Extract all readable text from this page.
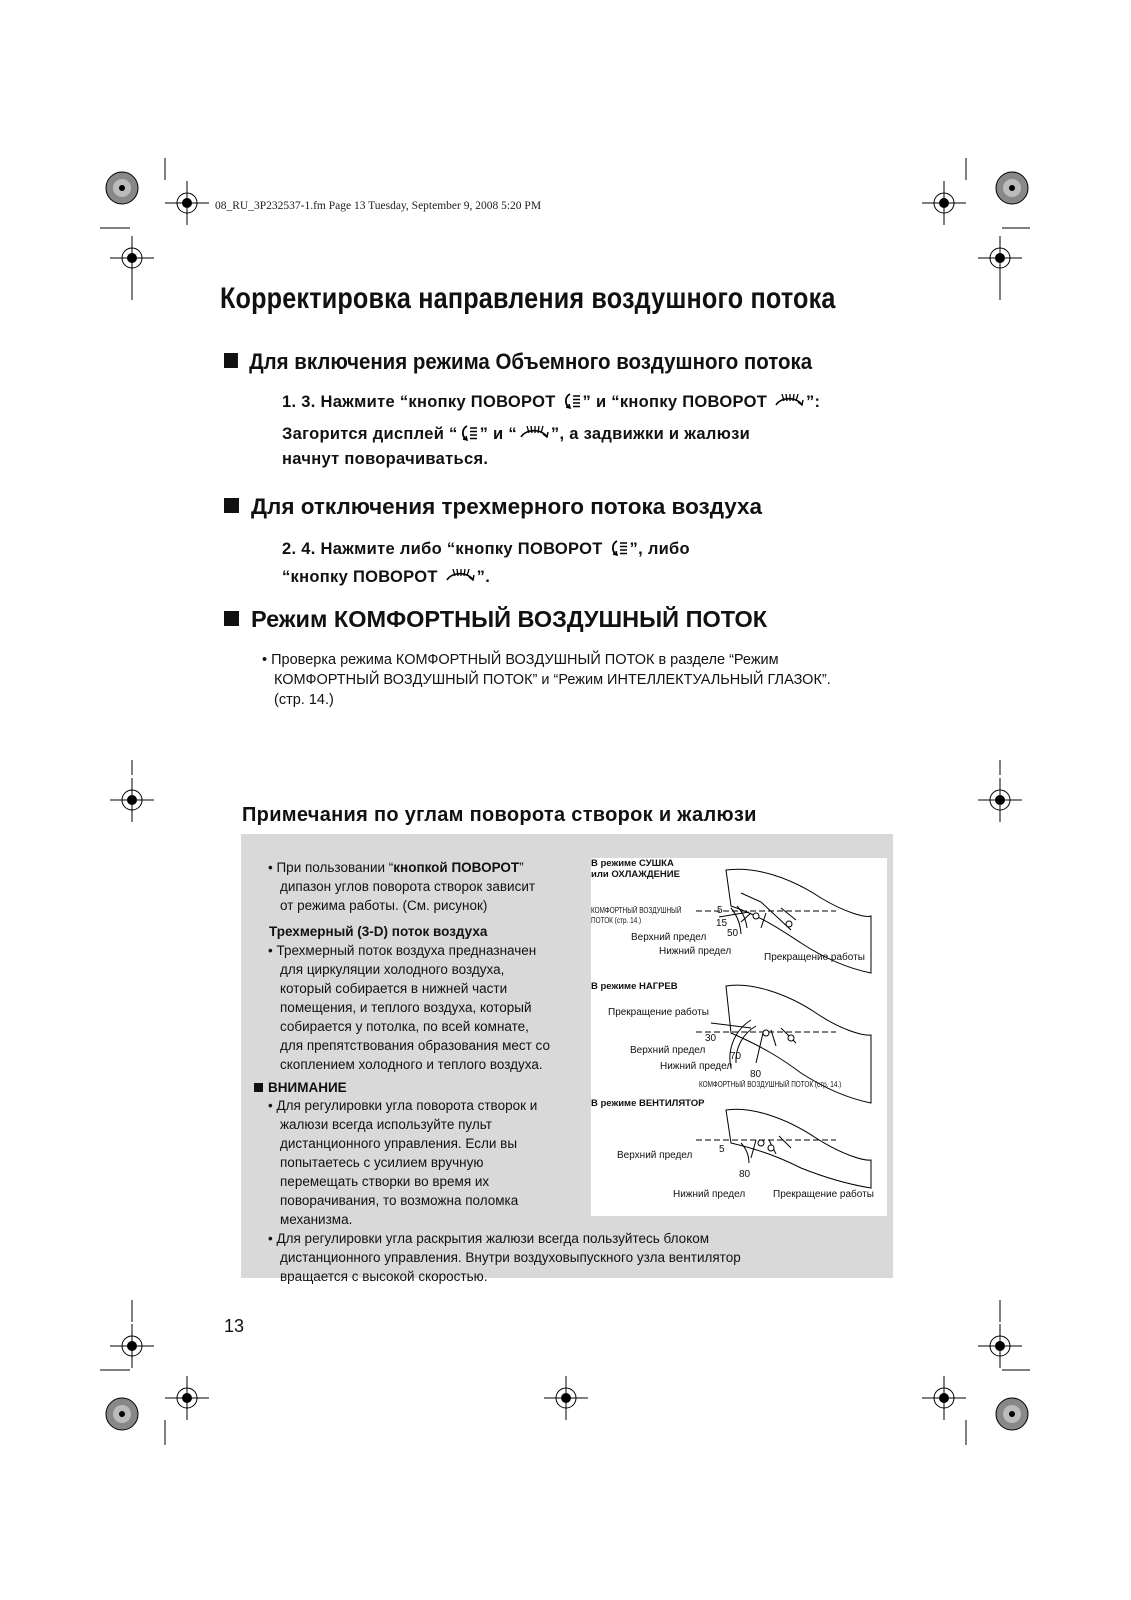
08_RU_3P232537-1.fm Page 13 Tuesday, September 9, 2008 5:20 PM
Корректировка направления воздушного потока
Для включения режима Объемного воздушного потока
1. 3. Нажмите “кнопку ПОВОРОТ ” и “кнопку ПОВОРОТ ”:
Загорится дисплей “ ” и “ ”, а задвижки и жалюзи
начнут поворачиваться.
Для отключения трехмерного потока воздуха
2. 4. Нажмите либо “кнопку ПОВОРОТ ”, либо
“кнопку ПОВОРОТ ”.
Режим КОМФОРТНЫЙ ВОЗДУШНЫЙ ПОТОК
• Проверка режима КОМФОРТНЫЙ ВОЗДУШНЫЙ ПОТОК в разделе “Режим
КОМФОРТНЫЙ ВОЗДУШНЫЙ ПОТОК” и “Режим ИНТЕЛЛЕКТУАЛЬНЫЙ ГЛАЗОК”.
(стр. 14.)
Примечания по углам поворота створок и жалюзи
• При пользовании “кнопкой ПОВОРОТ”
дипазон углов поворота створок зависит
от режима работы. (См. рисунок)
Трехмерный (3-D) поток воздуха
• Трехмерный поток воздуха предназначен
для циркуляции холодного воздуха,
который собирается в нижней части
помещения, и теплого воздуха, который
собирается у потолка, по всей комнате,
для препятствования образования мест со
скоплением холодного и теплого воздуха.
ВНИМАНИЕ
• Для регулировки угла поворота створок и
жалюзи всегда используйте пульт
дистанционного управления. Если вы
попытаетесь с усилием вручную
перемещать створки во время их
поворачивания, то возможна поломка
механизма.
• Для регулировки угла раскрытия жалюзи всегда пользуйтесь блоком
дистанционного управления. Внутри воздуховыпускного узла вентилятор
вращается с высокой скоростью.
В режиме СУШКА
или ОХЛАЖДЕНИЕ
КОМФОРТНЫЙ ВОЗДУШНЫЙ
ПОТОК (стр. 14.)
5
15
50
Верхний предел
Нижний предел
Прекращение работы
В режиме НАГРЕВ
Прекращение работы
30
70
80
Верхний предел
Нижний предел
КОМФОРТНЫЙ ВОЗДУШНЫЙ ПОТОК (стр. 14.)
В режиме ВЕНТИЛЯТОР
5
80
Верхний предел
Нижний предел	Прекращение работы
13
